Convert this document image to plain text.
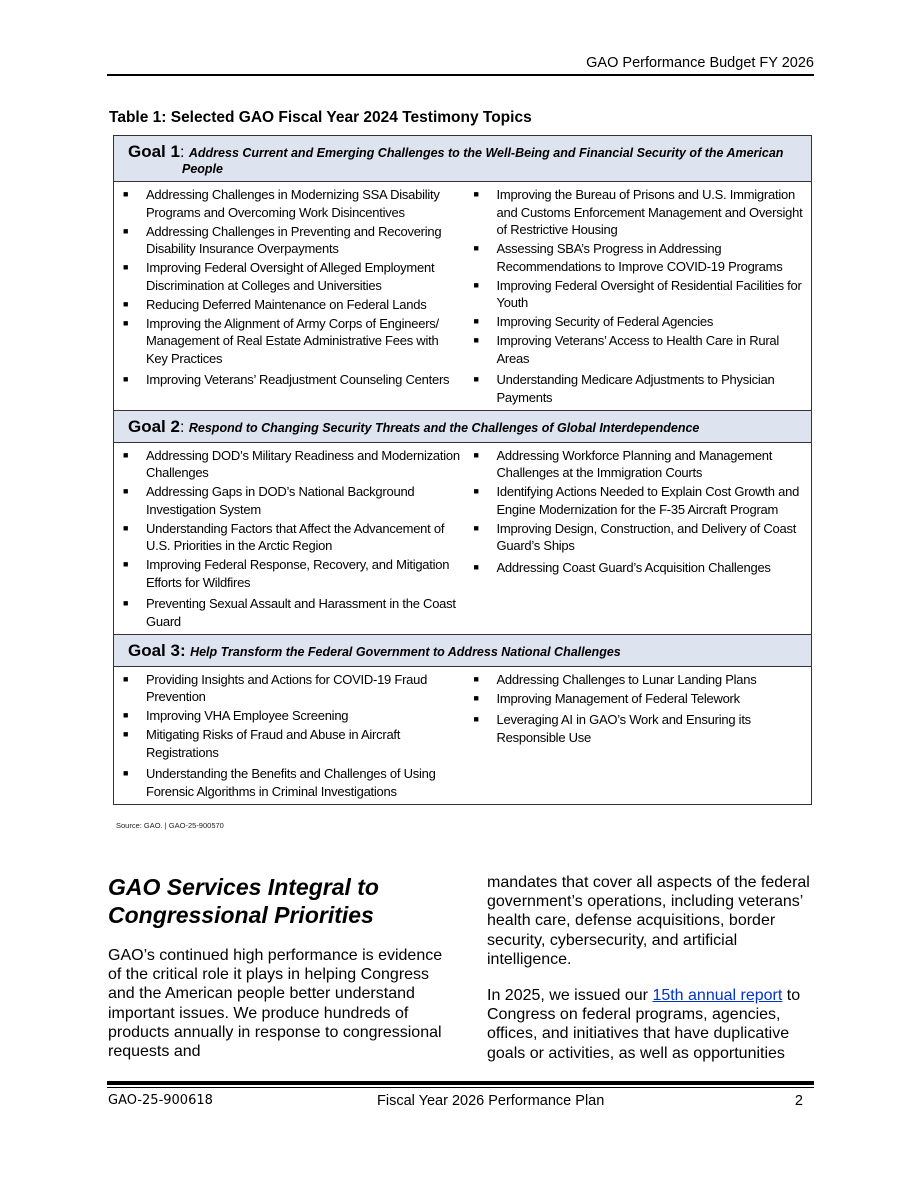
GAO Performance Budget FY 2026
Table 1: Selected GAO Fiscal Year 2024 Testimony Topics
Goal 1: Address Current and Emerging Challenges to the Well-Being and Financial Security of the American
People
■ Addressing Challenges in Modernizing SSA Disability Programs and Overcoming Work Disincentives
■ Addressing Challenges in Preventing and Recovering Disability Insurance Overpayments
■ Improving Federal Oversight of Alleged Employment Discrimination at Colleges and Universities
■ Reducing Deferred Maintenance on Federal Lands
■ Improving the Alignment of Army Corps of Engineers/ Management of Real Estate Administrative Fees with Key Practices
■ Improving Veterans’ Readjustment Counseling Centers
■ Improving the Bureau of Prisons and U.S. Immigration and Customs Enforcement Management and Oversight of Restrictive Housing
■ Assessing SBA’s Progress in Addressing Recommendations to Improve COVID-19 Programs
■ Improving Federal Oversight of Residential Facilities for Youth
■ Improving Security of Federal Agencies
■ Improving Veterans’ Access to Health Care in Rural Areas
■ Understanding Medicare Adjustments to Physician Payments
Goal 2: Respond to Changing Security Threats and the Challenges of Global Interdependence
■ Addressing DOD’s Military Readiness and Modernization Challenges
■ Addressing Gaps in DOD’s National Background Investigation System
■ Understanding Factors that Affect the Advancement of U.S. Priorities in the Arctic Region
■ Improving Federal Response, Recovery, and Mitigation Efforts for Wildfires
■ Preventing Sexual Assault and Harassment in the Coast Guard
■ Addressing Workforce Planning and Management Challenges at the Immigration Courts
■ Identifying Actions Needed to Explain Cost Growth and Engine Modernization for the F-35 Aircraft Program
■ Improving Design, Construction, and Delivery of Coast Guard’s Ships
■ Addressing Coast Guard’s Acquisition Challenges
Goal 3: Help Transform the Federal Government to Address National Challenges
■ Providing Insights and Actions for COVID-19 Fraud Prevention
■ Improving VHA Employee Screening
■ Mitigating Risks of Fraud and Abuse in Aircraft Registrations
■ Understanding the Benefits and Challenges of Using Forensic Algorithms in Criminal Investigations
■ Addressing Challenges to Lunar Landing Plans
■ Improving Management of Federal Telework
■ Leveraging AI in GAO’s Work and Ensuring its Responsible Use
Source: GAO. | GAO-25-900570
GAO Services Integral to Congressional Priorities

GAO’s continued high performance is evidence of the critical role it plays in helping Congress and the American people better understand important issues. We produce hundreds of products annually in response to congressional requests and

mandates that cover all aspects of the federal government’s operations, including veterans’ health care, defense acquisitions, border security, cybersecurity, and artificial intelligence.

In 2025, we issued our 15th annual report to Congress on federal programs, agencies, offices, and initiatives that have duplicative goals or activities, as well as opportunities

GAO-25-900618	Fiscal Year 2026 Performance Plan	2
